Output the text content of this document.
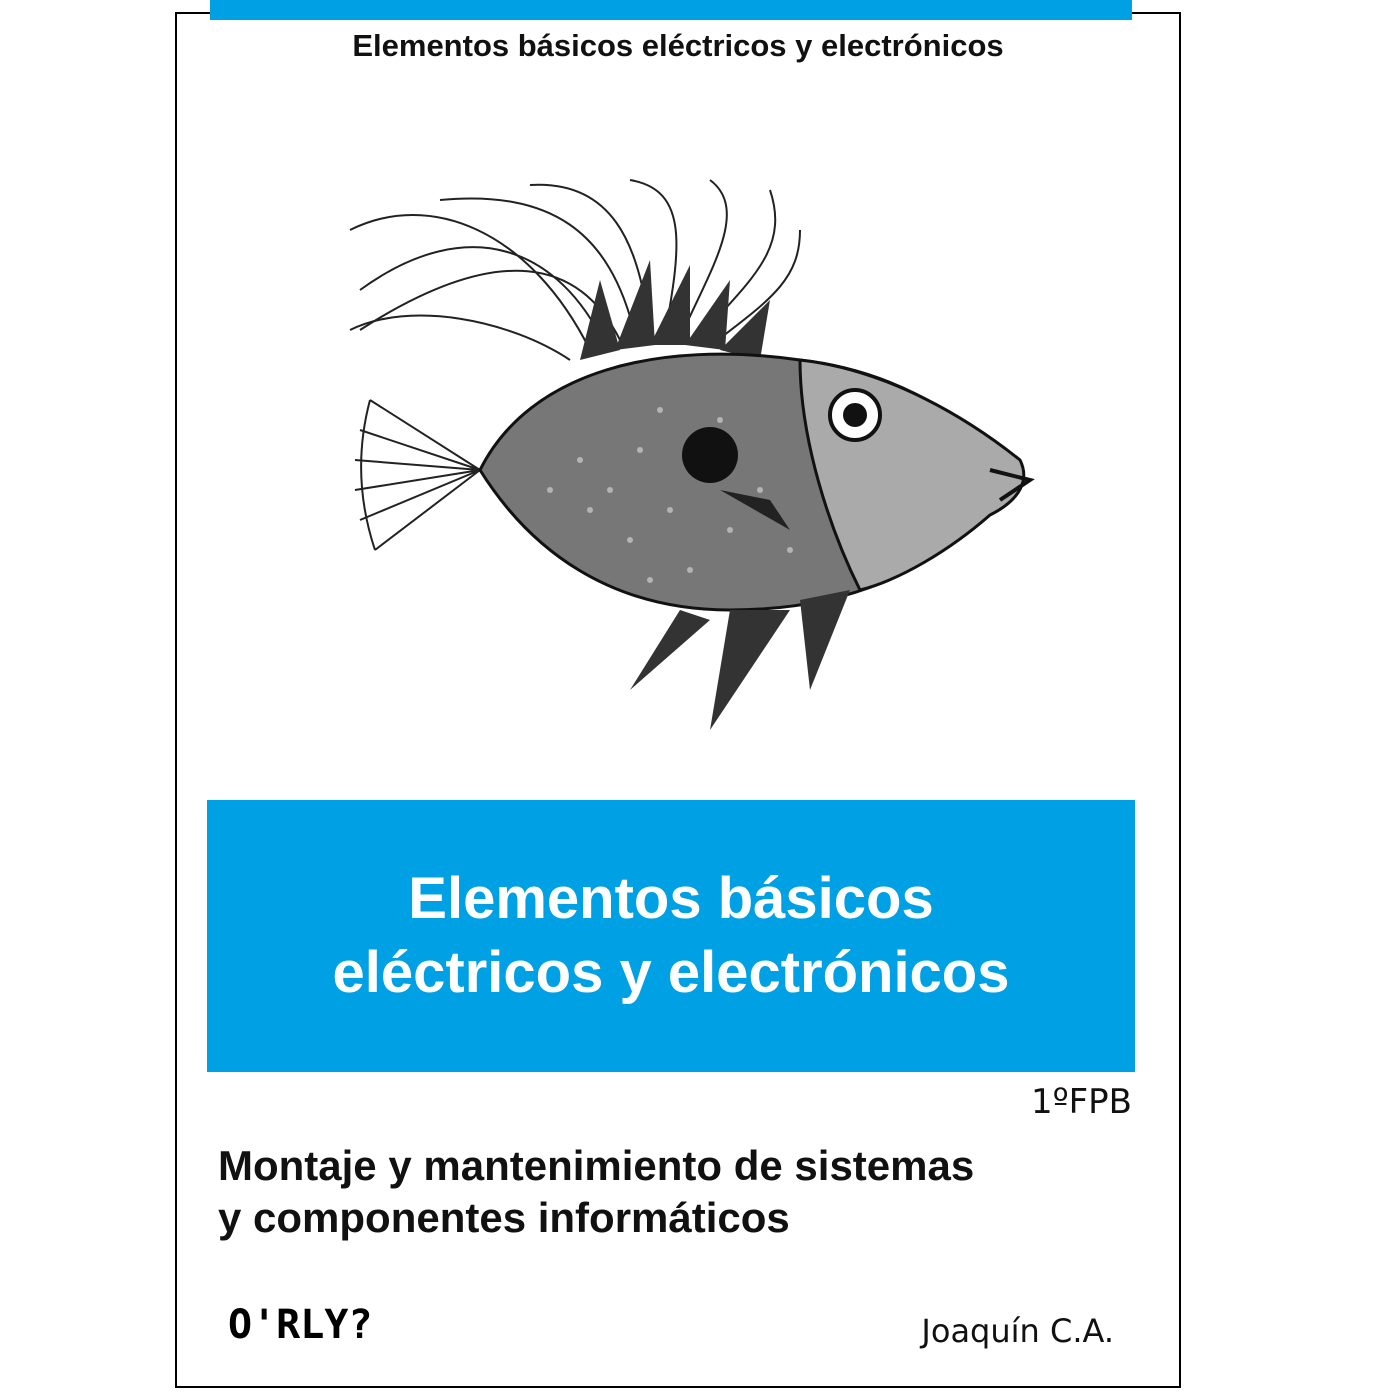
Elementos básicos eléctricos y electrónicos
Elementos básicos
eléctricos y electrónicos
1ºFPB
Montaje y mantenimiento de sistemas
y componentes informáticos
O'RLY?	Joaquín C.A.
